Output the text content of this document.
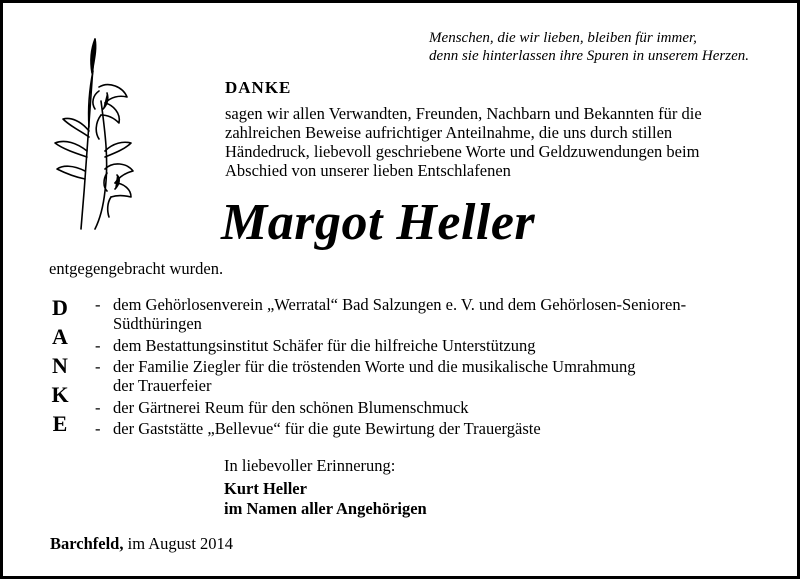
Menschen, die wir lieben, bleiben für immer,
denn sie hinterlassen ihre Spuren in unserem Herzen.
DANKE
sagen wir allen Verwandten, Freunden, Nachbarn und Bekannten für die
zahlreichen Beweise aufrichtiger Anteilnahme, die uns durch stillen
Händedruck, liebevoll geschriebene Worte und Geldzuwendungen beim
Abschied von unserer lieben Entschlafenen
Margot Heller
entgegengebracht wurden.
D
A
N
K
E
- dem Gehörlosenverein „Werratal“ Bad Salzungen e. V. und dem Gehörlosen-Senioren-
Südthüringen
- dem Bestattungsinstitut Schäfer für die hilfreiche Unterstützung
- der Familie Ziegler für die tröstenden Worte und die musikalische Umrahmung
der Trauerfeier
- der Gärtnerei Reum für den schönen Blumenschmuck
- der Gaststätte „Bellevue“ für die gute Bewirtung der Trauergäste
In liebevoller Erinnerung:
Kurt Heller
im Namen aller Angehörigen
Barchfeld, im August 2014
